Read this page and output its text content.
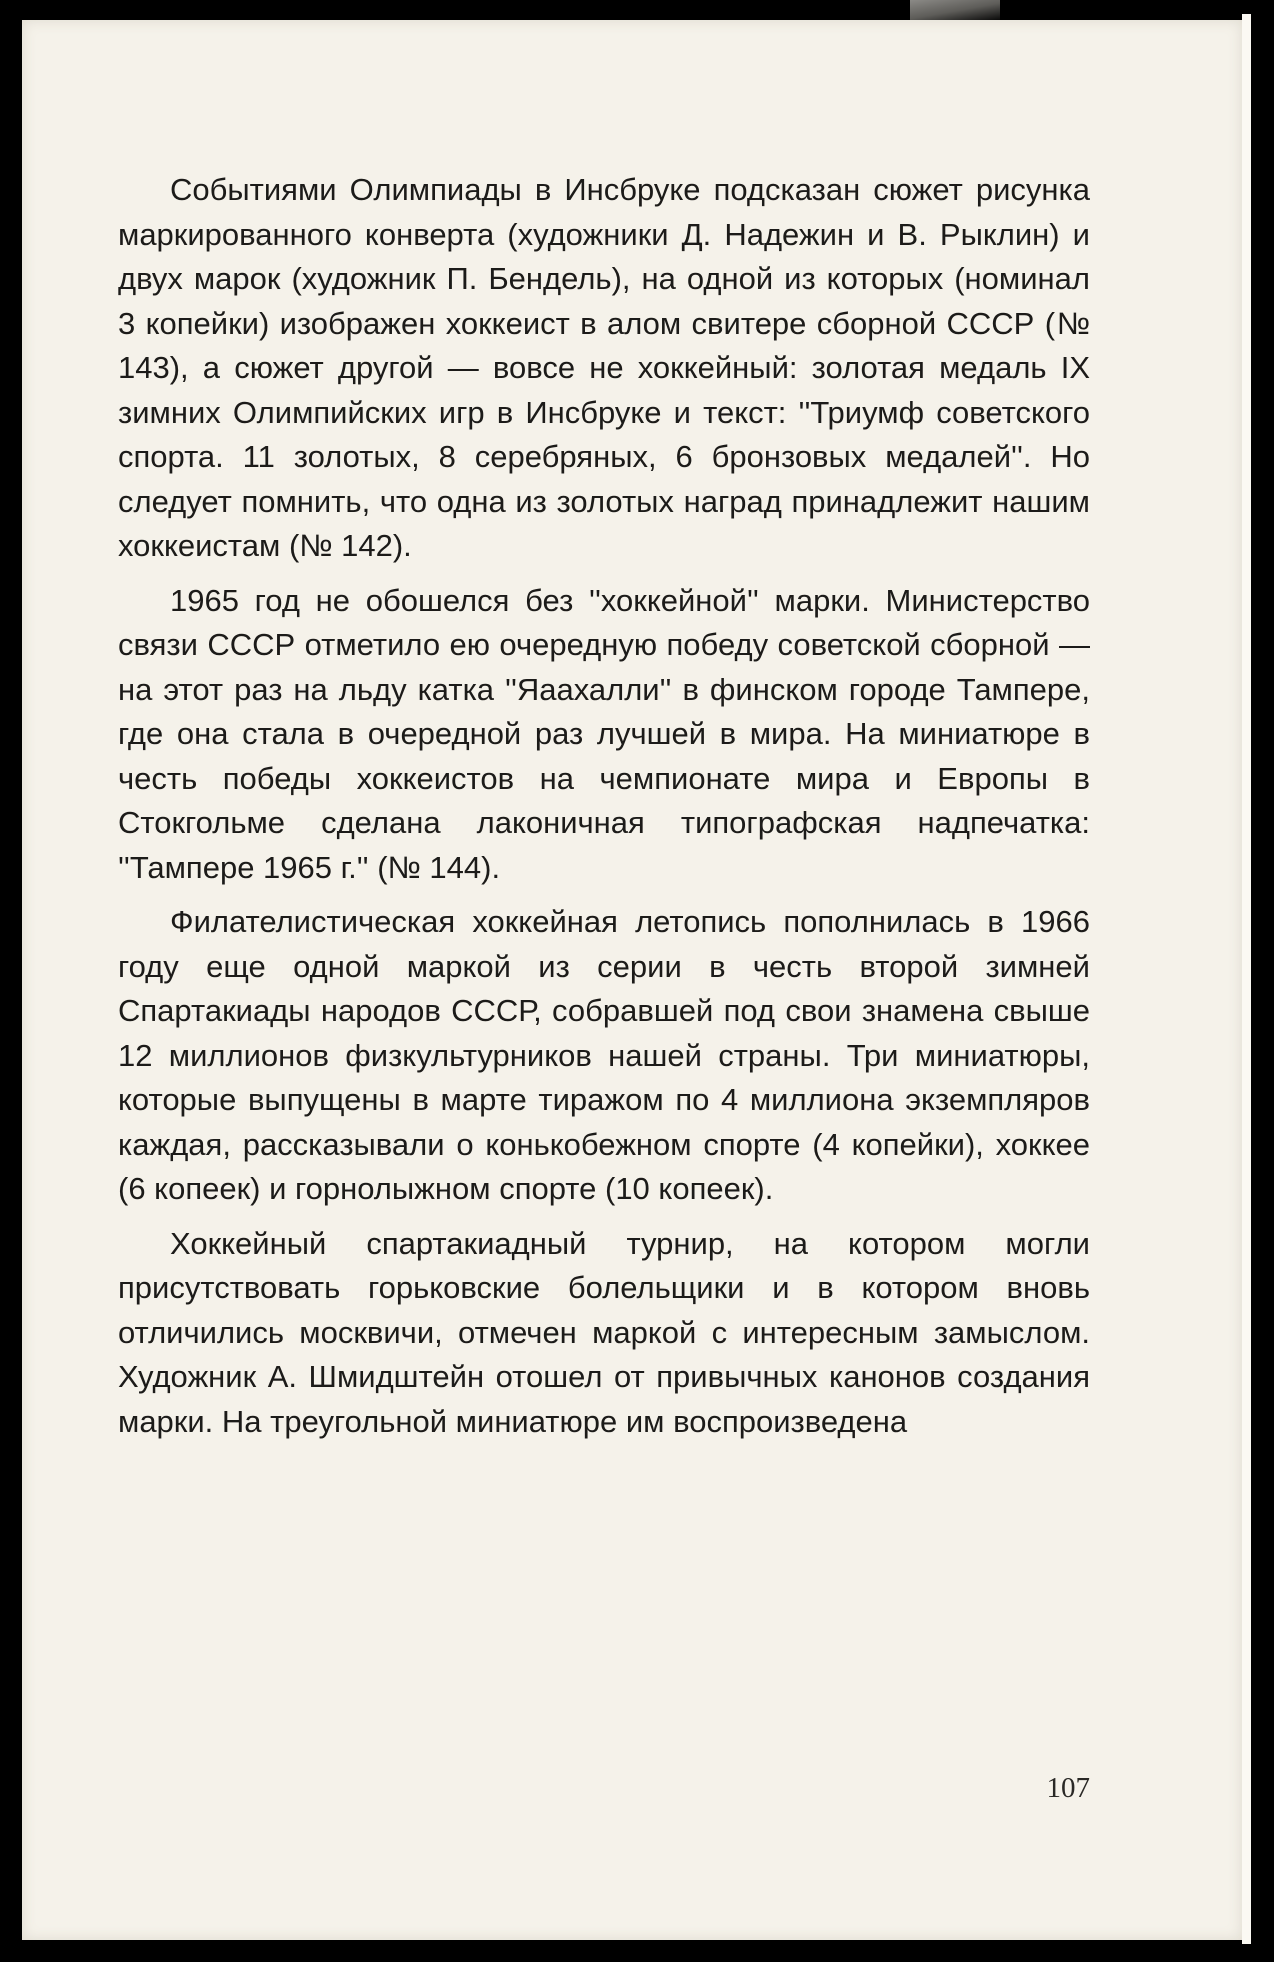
Событиями Олимпиады в Инсбруке подсказан сюжет рисунка маркированного конверта (художники Д. Надежин и В. Рыклин) и двух марок (художник П. Бендель), на одной из которых (номинал 3 копейки) изображен хоккеист в алом свитере сборной СССР (№ 143), а сюжет другой — вовсе не хоккейный: золотая медаль IX зимних Олимпийских игр в Инсбруке и текст: ''Триумф советского спорта. 11 золотых, 8 серебряных, 6 бронзовых медалей''. Но следует помнить, что одна из золотых наград принадлежит нашим хоккеистам (№ 142).

1965 год не обошелся без ''хоккейной'' марки. Министерство связи СССР отметило ею очередную победу советской сборной — на этот раз на льду катка ''Яаахалли'' в финском городе Тампере, где она стала в очередной раз лучшей в мира. На миниатюре в честь победы хоккеистов на чемпионате мира и Европы в Стокгольме сделана лаконичная типографская надпечатка: ''Тампере 1965 г.'' (№ 144).

Филателистическая хоккейная летопись пополнилась в 1966 году еще одной маркой из серии в честь второй зимней Спартакиады народов СССР, собравшей под свои знамена свыше 12 миллионов физкультурников нашей страны. Три миниатюры, которые выпущены в марте тиражом по 4 миллиона экземпляров каждая, рассказывали о конькобежном спорте (4 копейки), хоккее (6 копеек) и горнолыжном спорте (10 копеек).

Хоккейный спартакиадный турнир, на котором могли присутствовать горьковские болельщики и в котором вновь отличились москвичи, отмечен маркой с интересным замыслом. Художник А. Шмидштейн отошел от привычных канонов создания марки. На треугольной миниатюре им воспроизведена

107
